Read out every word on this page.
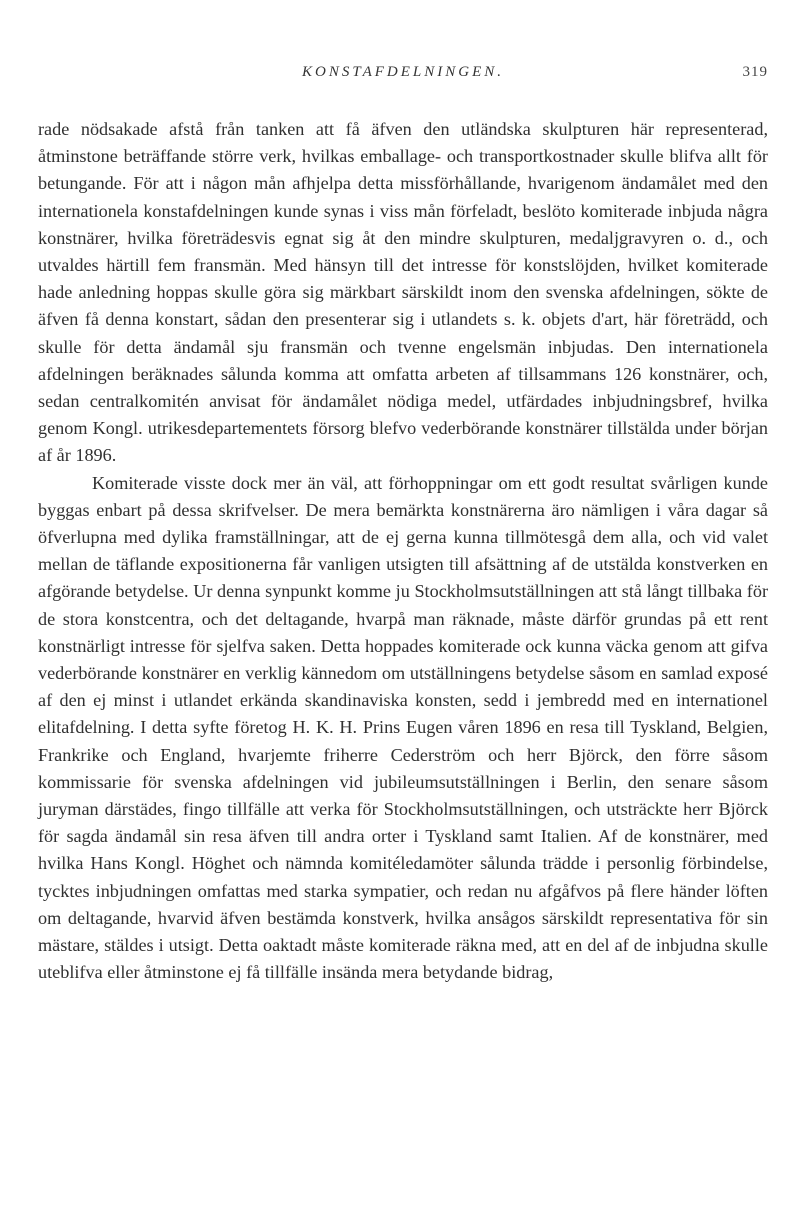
KONSTAFDELNINGEN.	319

rade nödsakade afstå från tanken att få äfven den utländska skulpturen här representerad, åtminstone beträffande större verk, hvilkas emballage- och transportkostnader skulle blifva allt för betungande. För att i någon mån afhjelpa detta missförhållande, hvarigenom ändamålet med den internationela konstafdelningen kunde synas i viss mån förfeladt, beslöto komiterade inbjuda några konstnärer, hvilka företrädesvis egnat sig åt den mindre skulpturen, medaljgravyren o. d., och utvaldes härtill fem fransmän. Med hänsyn till det intresse för konstslöjden, hvilket komiterade hade anledning hoppas skulle göra sig märkbart särskildt inom den svenska afdelningen, sökte de äfven få denna konstart, sådan den presenterar sig i utlandets s. k. objets d'art, här företrädd, och skulle för detta ändamål sju fransmän och tvenne engelsmän inbjudas. Den internationela afdelningen beräknades sålunda komma att omfatta arbeten af tillsammans 126 konstnärer, och, sedan centralkomitén anvisat för ändamålet nödiga medel, utfärdades inbjudningsbref, hvilka genom Kongl. utrikesdepartementets försorg blefvo vederbörande konstnärer tillstälda under början af år 1896.

Komiterade visste dock mer än väl, att förhoppningar om ett godt resultat svårligen kunde byggas enbart på dessa skrifvelser. De mera bemärkta konstnärerna äro nämligen i våra dagar så öfverlupna med dylika framställningar, att de ej gerna kunna tillmötesgå dem alla, och vid valet mellan de täflande expositionerna får vanligen utsigten till afsättning af de utstälda konstverken en afgörande betydelse. Ur denna synpunkt komme ju Stockholmsutställningen att stå långt tillbaka för de stora konstcentra, och det deltagande, hvarpå man räknade, måste därför grundas på ett rent konstnärligt intresse för sjelfva saken. Detta hoppades komiterade ock kunna väcka genom att gifva vederbörande konstnärer en verklig kännedom om utställningens betydelse såsom en samlad exposé af den ej minst i utlandet erkända skandinaviska konsten, sedd i jembredd med en internationel elitafdelning. I detta syfte företog H. K. H. Prins Eugen våren 1896 en resa till Tyskland, Belgien, Frankrike och England, hvarjemte friherre Cederström och herr Björck, den förre såsom kommissarie för svenska afdelningen vid jubileumsutställningen i Berlin, den senare såsom juryman därstädes, fingo tillfälle att verka för Stockholmsutställningen, och utsträckte herr Björck för sagda ändamål sin resa äfven till andra orter i Tyskland samt Italien. Af de konstnärer, med hvilka Hans Kongl. Höghet och nämnda komitéledamöter sålunda trädde i personlig förbindelse, tycktes inbjudningen omfattas med starka sympatier, och redan nu afgåfvos på flere händer löften om deltagande, hvarvid äfven bestämda konstverk, hvilka ansågos särskildt representativa för sin mästare, stäldes i utsigt. Detta oaktadt måste komiterade räkna med, att en del af de inbjudna skulle uteblifva eller åtminstone ej få tillfälle insända mera betydande bidrag,
